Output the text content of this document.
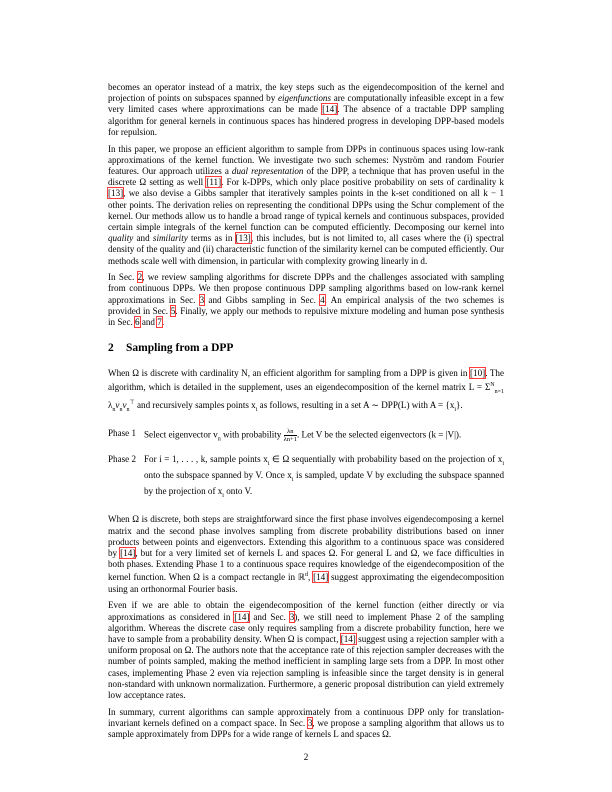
becomes an operator instead of a matrix, the key steps such as the eigendecomposition of the kernel and projection of points on subspaces spanned by eigenfunctions are computationally infeasible except in a few very limited cases where approximations can be made [14]. The absence of a tractable DPP sampling algorithm for general kernels in continuous spaces has hindered progress in developing DPP-based models for repulsion.

In this paper, we propose an efficient algorithm to sample from DPPs in continuous spaces using low-rank approximations of the kernel function. We investigate two such schemes: Nyström and random Fourier features. Our approach utilizes a dual representation of the DPP, a technique that has proven useful in the discrete Ω setting as well [11]. For k-DPPs, which only place positive probability on sets of cardinality k [13], we also devise a Gibbs sampler that iteratively samples points in the k-set conditioned on all k − 1 other points. The derivation relies on representing the conditional DPPs using the Schur complement of the kernel. Our methods allow us to handle a broad range of typical kernels and continuous subspaces, provided certain simple integrals of the kernel function can be computed efficiently. Decomposing our kernel into quality and similarity terms as in [13], this includes, but is not limited to, all cases where the (i) spectral density of the quality and (ii) characteristic function of the similarity kernel can be computed efficiently. Our methods scale well with dimension, in particular with complexity growing linearly in d.

In Sec. 2, we review sampling algorithms for discrete DPPs and the challenges associated with sampling from continuous DPPs. We then propose continuous DPP sampling algorithms based on low-rank kernel approximations in Sec. 3 and Gibbs sampling in Sec. 4. An empirical analysis of the two schemes is provided in Sec. 5. Finally, we apply our methods to repulsive mixture modeling and human pose synthesis in Sec. 6 and 7.

2 Sampling from a DPP

When Ω is discrete with cardinality N, an efficient algorithm for sampling from a DPP is given in [10]. The algorithm, which is detailed in the supplement, uses an eigendecomposition of the kernel matrix $L = \Sigma^N_{n=1}$ $\lambda_nv_nv_n^⊤$ and recursively samples points $x_i$ as follows, resulting in a set A ∼ DPP(L) with $A = \{x_i\}$.

Phase 1 Select eigenvector $v_n$ with probability $\frac{\lambda n}{\lambda n+1}$ . Let V be the selected eigenvectors (k = |V|).
Phase 2 For i = 1, . . . , k, sample points $x_i$ ∈ Ω sequentially with probability based on the projection of $x_i$ onto the subspace spanned by V. Once $x_i$ is sampled, update V by excluding the subspace spanned by the projection of $x_i$ onto V.

When Ω is discrete, both steps are straightforward since the first phase involves eigendecomposing a kernel matrix and the second phase involves sampling from discrete probability distributions based on inner products between points and eigenvectors. Extending this algorithm to a continuous space was considered by [14], but for a very limited set of kernels L and spaces Ω. For general L and Ω, we face difficulties in both phases. Extending Phase 1 to a continuous space requires knowledge of the eigendecomposition of the kernel function. When Ω is a compact rectangle in ℝ$^d$, [14] suggest approximating the eigendecomposition using an orthonormal Fourier basis.

Even if we are able to obtain the eigendecomposition of the kernel function (either directly or via approximations as considered in [14] and Sec. 3), we still need to implement Phase 2 of the sampling algorithm. Whereas the discrete case only requires sampling from a discrete probability function, here we have to sample from a probability density. When Ω is compact, [14] suggest using a rejection sampler with a uniform proposal on Ω. The authors note that the acceptance rate of this rejection sampler decreases with the number of points sampled, making the method inefficient in sampling large sets from a DPP. In most other cases, implementing Phase 2 even via rejection sampling is infeasible since the target density is in general non-standard with unknown normalization. Furthermore, a generic proposal distribution can yield extremely low acceptance rates.

In summary, current algorithms can sample approximately from a continuous DPP only for translation-invariant kernels defined on a compact space. In Sec. 3, we propose a sampling algorithm that allows us to sample approximately from DPPs for a wide range of kernels L and spaces Ω.

2
